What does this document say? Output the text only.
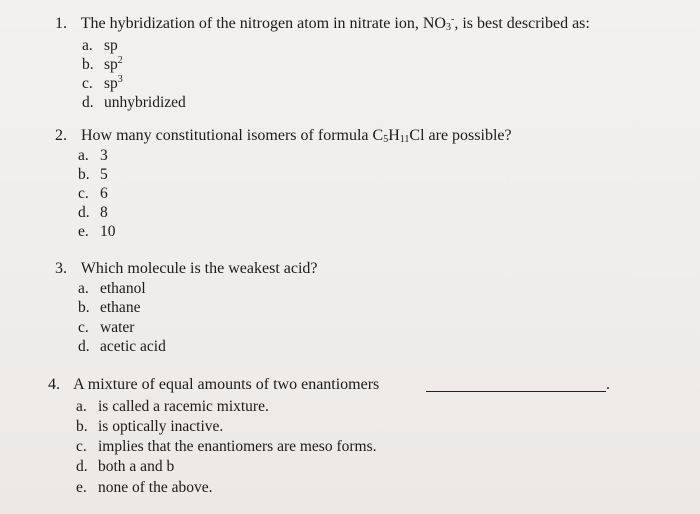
1. The hybridization of the nitrogen atom in nitrate ion, $NO_3^-$, is best described as:
a. sp
b. $sp^2$
c. $sp^3$
d. unhybridized
2. How many constitutional isomers of formula $C_5H_{11}Cl$ are possible?
a. 3
b. 5
c. 6
d. 8
e. 10
3. Which molecule is the weakest acid?
a. ethanol
b. ethane
c. water
d. acetic acid
4. A mixture of equal amounts of two enantiomers	.
a. is called a racemic mixture.
b. is optically inactive.
c. implies that the enantiomers are meso forms.
d. both a and b
e. none of the above.
